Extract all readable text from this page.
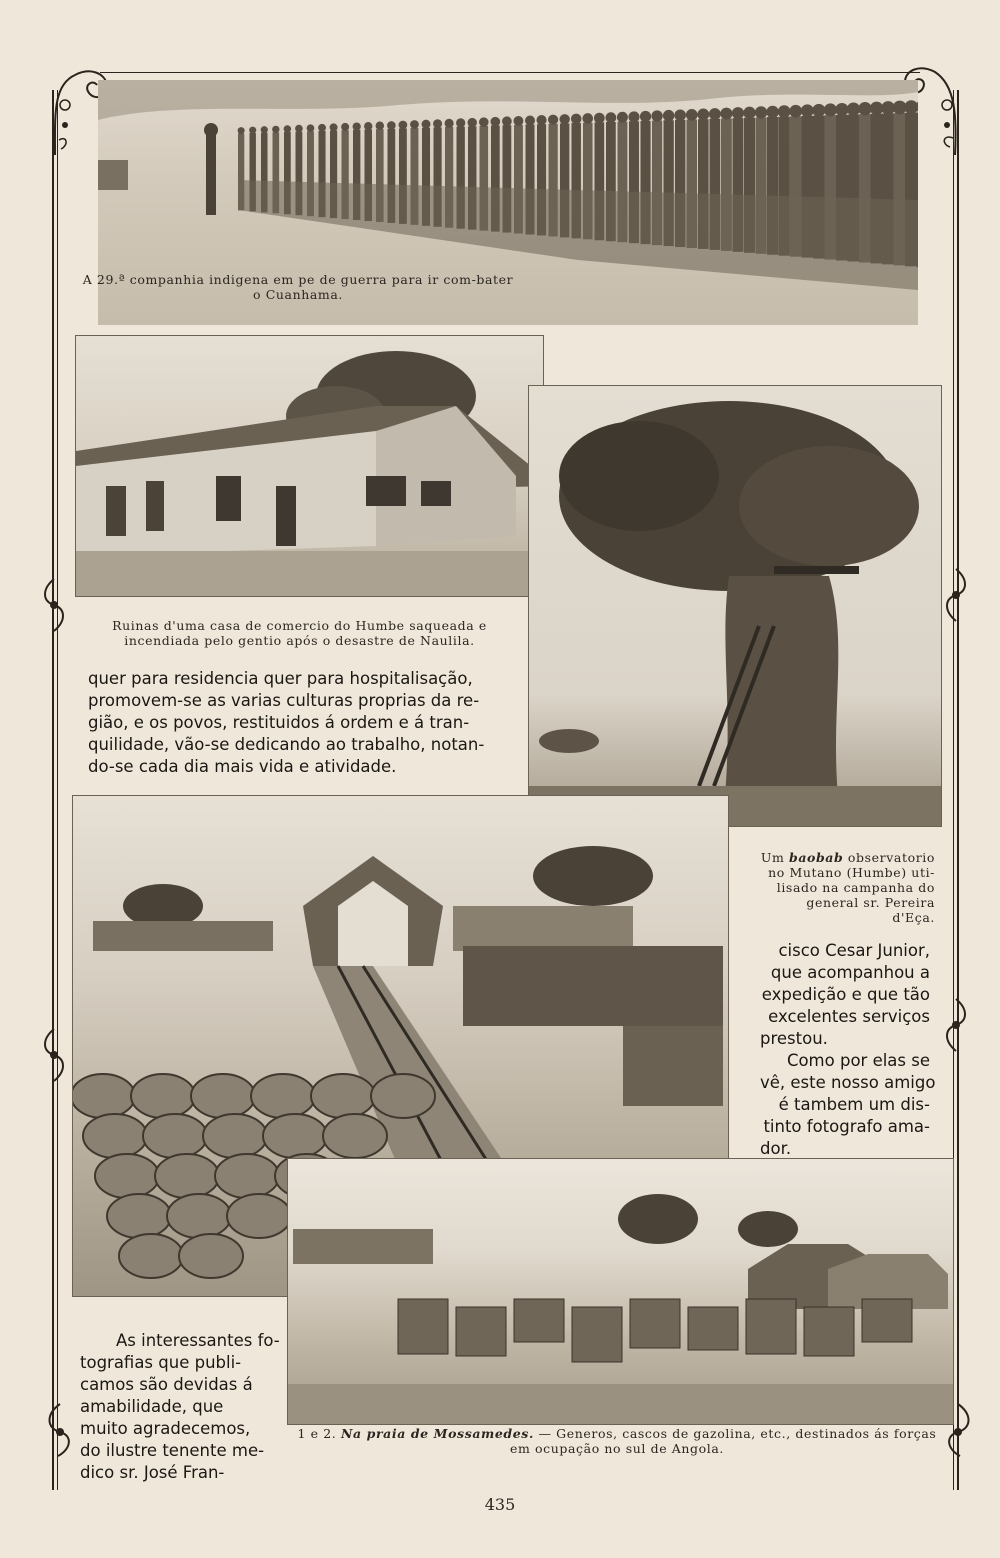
A 29.ª companhia indigena em pe de guerra para ir com-bater o Cuanhama.
Ruinas d'uma casa de comercio do Humbe saqueada e incendiada pelo gentio após o desastre de Naulila.
quer para residencia quer para hospitalisação,
promovem-se as varias culturas proprias da re-
gião, e os povos, restituidos á ordem e á tran-
quilidade, vão-se dedicando ao trabalho, notan-
do-se cada dia mais vida e atividade.
Um baobab observatorio
no Mutano (Humbe) uti-
lisado na campanha do
general sr. Pereira
d'Eça.
cisco Cesar Junior,
que acompanhou a
expedição e que tão
excelentes serviços
prestou.
Como por elas se
vê, este nosso amigo
é tambem um dis-
tinto fotografo ama-
dor.
1 e 2. Na praia de Mossamedes. — Generos, cascos de gazolina, etc., destinados ás forças em ocupação no sul de Angola.
As interessantes fo-
tografias que publi-
camos são devidas á
amabilidade, que
muito agradecemos,
do ilustre tenente me-
dico sr. José Fran-
435
